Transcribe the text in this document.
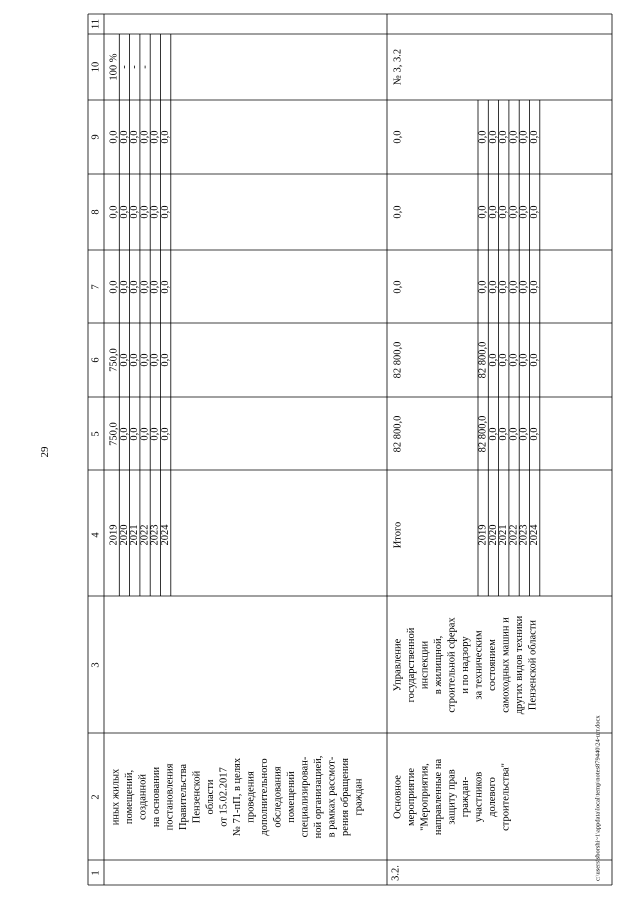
1
2
3
4
5
6
7
8
9
10
11
29
c:\users\sborshi~1\appdata\local\temp\notes879440\24-шт.docx
иных жилых помещений, созданной на основании постановления Правительства Пензенской области от 15.02.2017 № 71-пП, в целях проведения дополнительного обследования помещений специализирован- ной организацией, в рамках рассмот- рения обращения граждан
2019
750,0
750,0
0,0
0,0
0,0
100 %
2020
0,0
0,0
0,0
0,0
0,0
-
2021
0,0
0,0
0,0
0,0
0,0
-
2022
0,0
0,0
0,0
0,0
0,0
-
2023
0,0
0,0
0,0
0,0
0,0
2024
0,0
0,0
0,0
0,0
0,0
3.2.
Основное мероприятие "Мероприятия, направленные на защиту прав граждан- участников долевого строительства"
Управление государственной инспекции в жилищной, строительной сферах и по надзору за техническим состоянием самоходных машин и других видов техники Пензенской области
Итого
82 800,0
82 800,0
0,0
0,0
0,0
№ 3, 3.2
2019
82 800,0
82 800,0
0,0
0,0
0,0
2020
0,0
0,0
0,0
0,0
0,0
2021
0,0
0,0
0,0
0,0
0,0
2022
0,0
0,0
0,0
0,0
0,0
2023
0,0
0,0
0,0
0,0
0,0
2024
0,0
0,0
0,0
0,0
0,0
